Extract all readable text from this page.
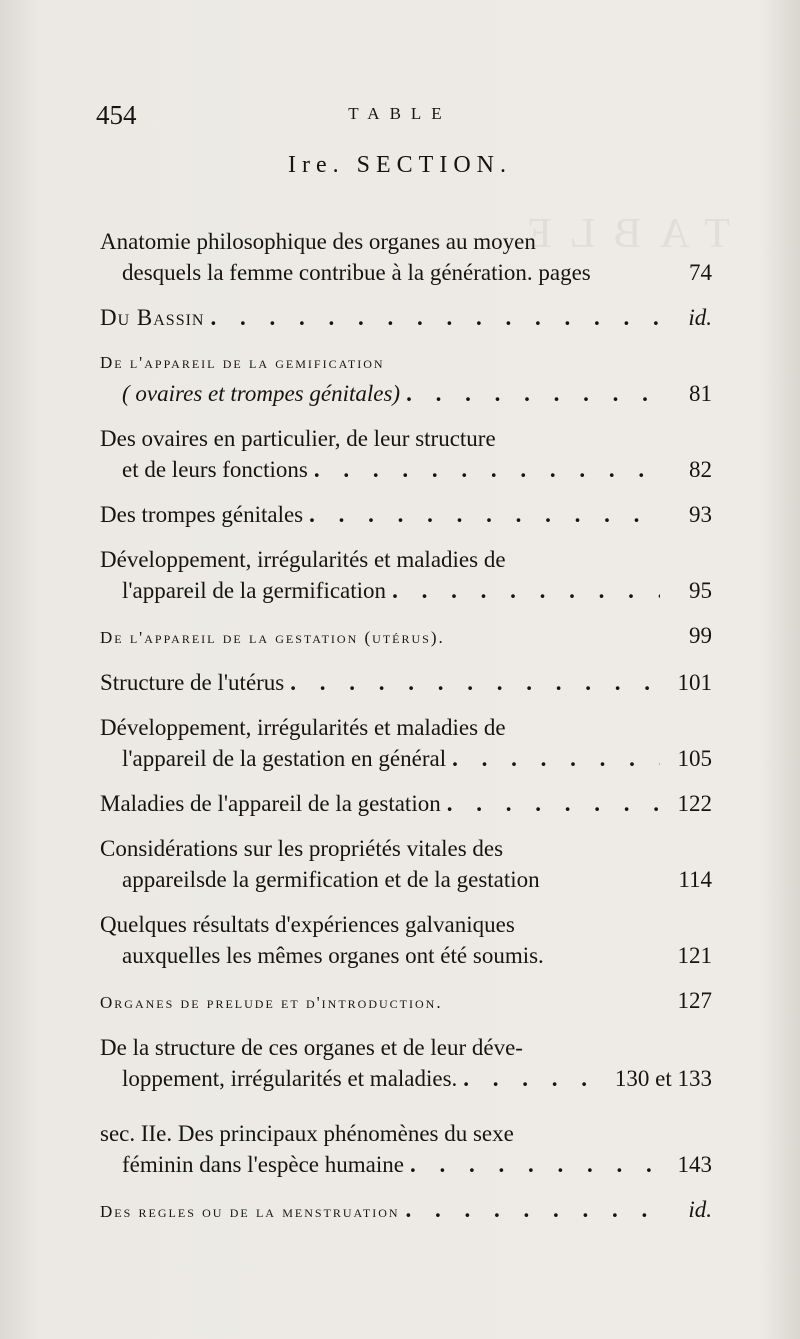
TABLE
454	TABLE
Ire. SECTION.
Anatomie philosophique des organes au moyen
desquels la femme contribue à la génération. pages	74
Du Bassin . . .	id.
De l'appareil de la gemification
( ovaires et trompes génitales) . . .	81
Des ovaires en particulier, de leur structure
et de leurs fonctions . . .	82
Des trompes génitales . . .	93
Développement, irrégularités et maladies de
l'appareil de la germification . . .	95
De l'appareil de la gestation (utérus).	99
Structure de l'utérus . . .	101
Développement, irrégularités et maladies de
l'appareil de la gestation en général . . .	105
Maladies de l'appareil de la gestation . . .	122
Considérations sur les propriétés vitales des
appareilsde la germification et de la gestation	114
Quelques résultats d'expériences galvaniques
auxquelles les mêmes organes ont été soumis.	121
Organes de prelude et d'introduction.	127
De la structure de ces organes et de leur déve-
loppement, irrégularités et maladies. . . .	130 et 133
sec. IIe. Des principaux phénomènes du sexe
féminin dans l'espèce humaine . . .	143
Des regles ou de la menstruation . . .	id.
